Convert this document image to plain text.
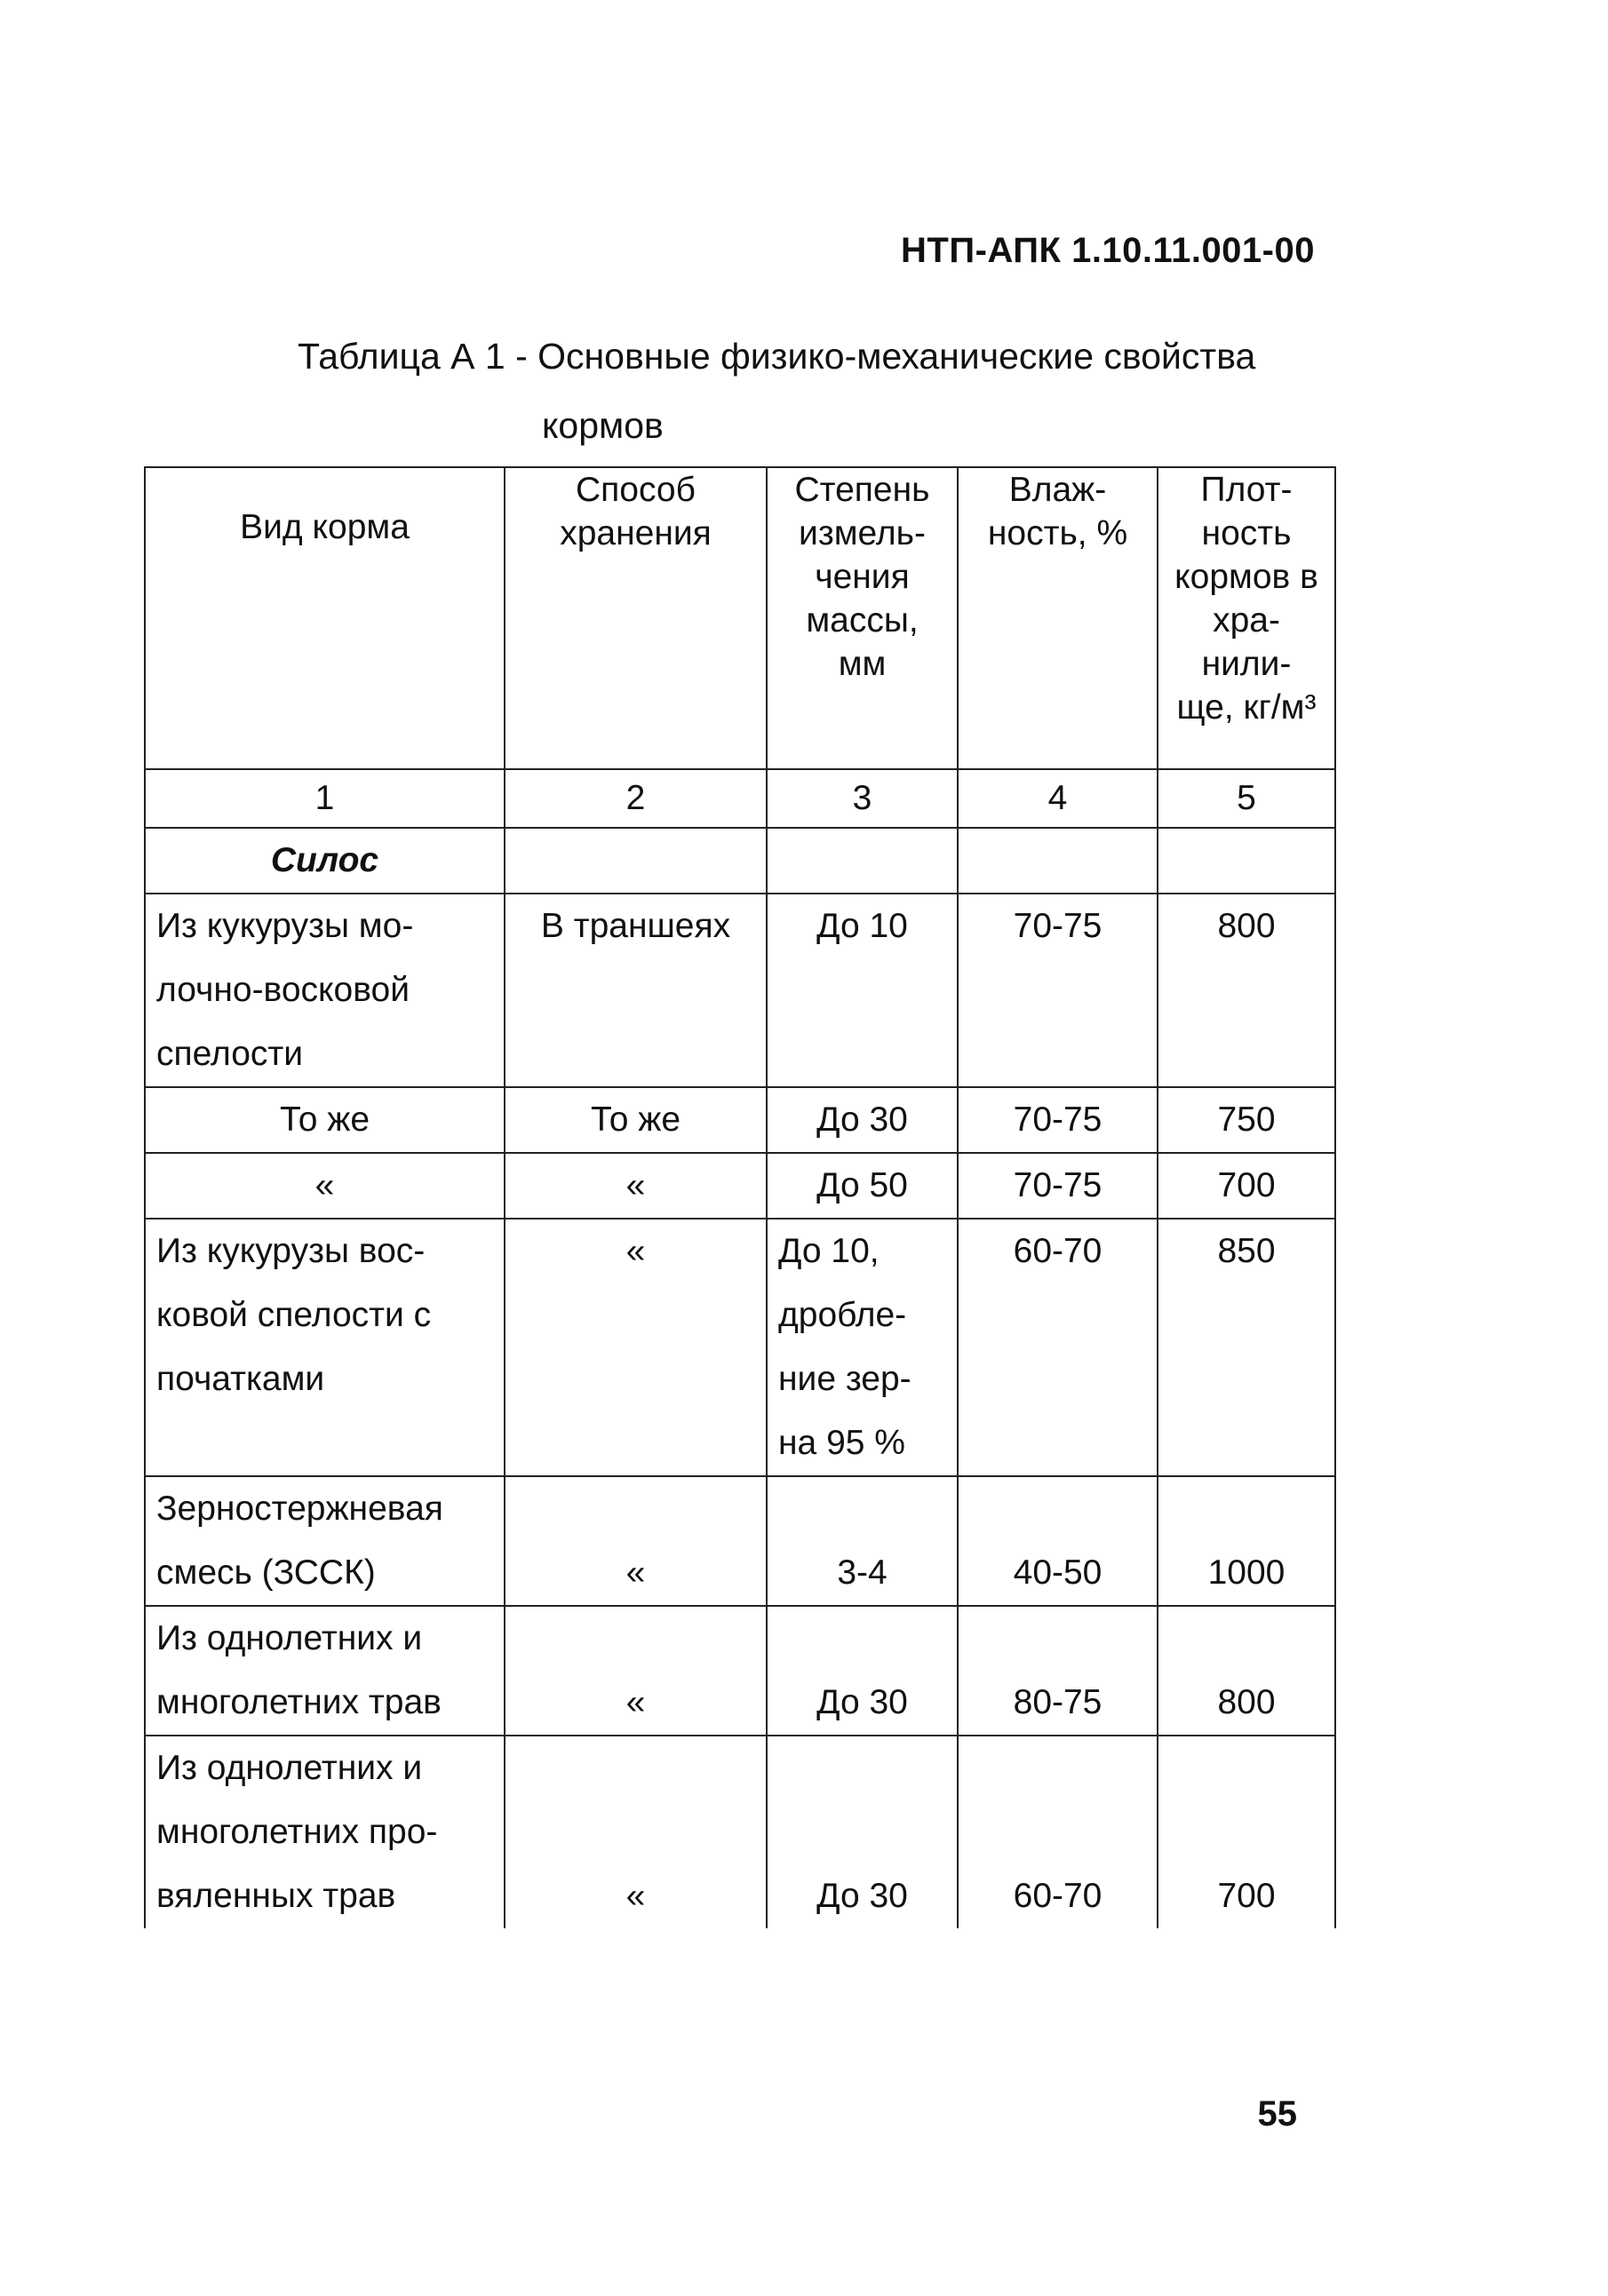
НТП-АПК 1.10.11.001-00
Таблица А 1 - Основные физико-механические свойства
кормов
Вид корма	Способ хранения	Степень измель- чения массы, мм	Влаж- ность, %	Плот- ность кормов в хра- нили- ще, кг/м³
1	2	3	4	5
Силос				
Из кукурузы мо- лочно-восковой спелости	В траншеях	До 10	70-75	800
То же	То же	До 30	70-75	750
«	«	До 50	70-75	700
Из кукурузы вос- ковой спелости с початками	«	До 10, дробле- ние зер- на 95 %	60-70	850
Зерностержневая смесь (ЗССК)	«	3-4	40-50	1000
Из однолетних и многолетних трав	«	До 30	80-75	800
Из однолетних и многолетних про- вяленных трав	«	До 30	60-70	700
55
